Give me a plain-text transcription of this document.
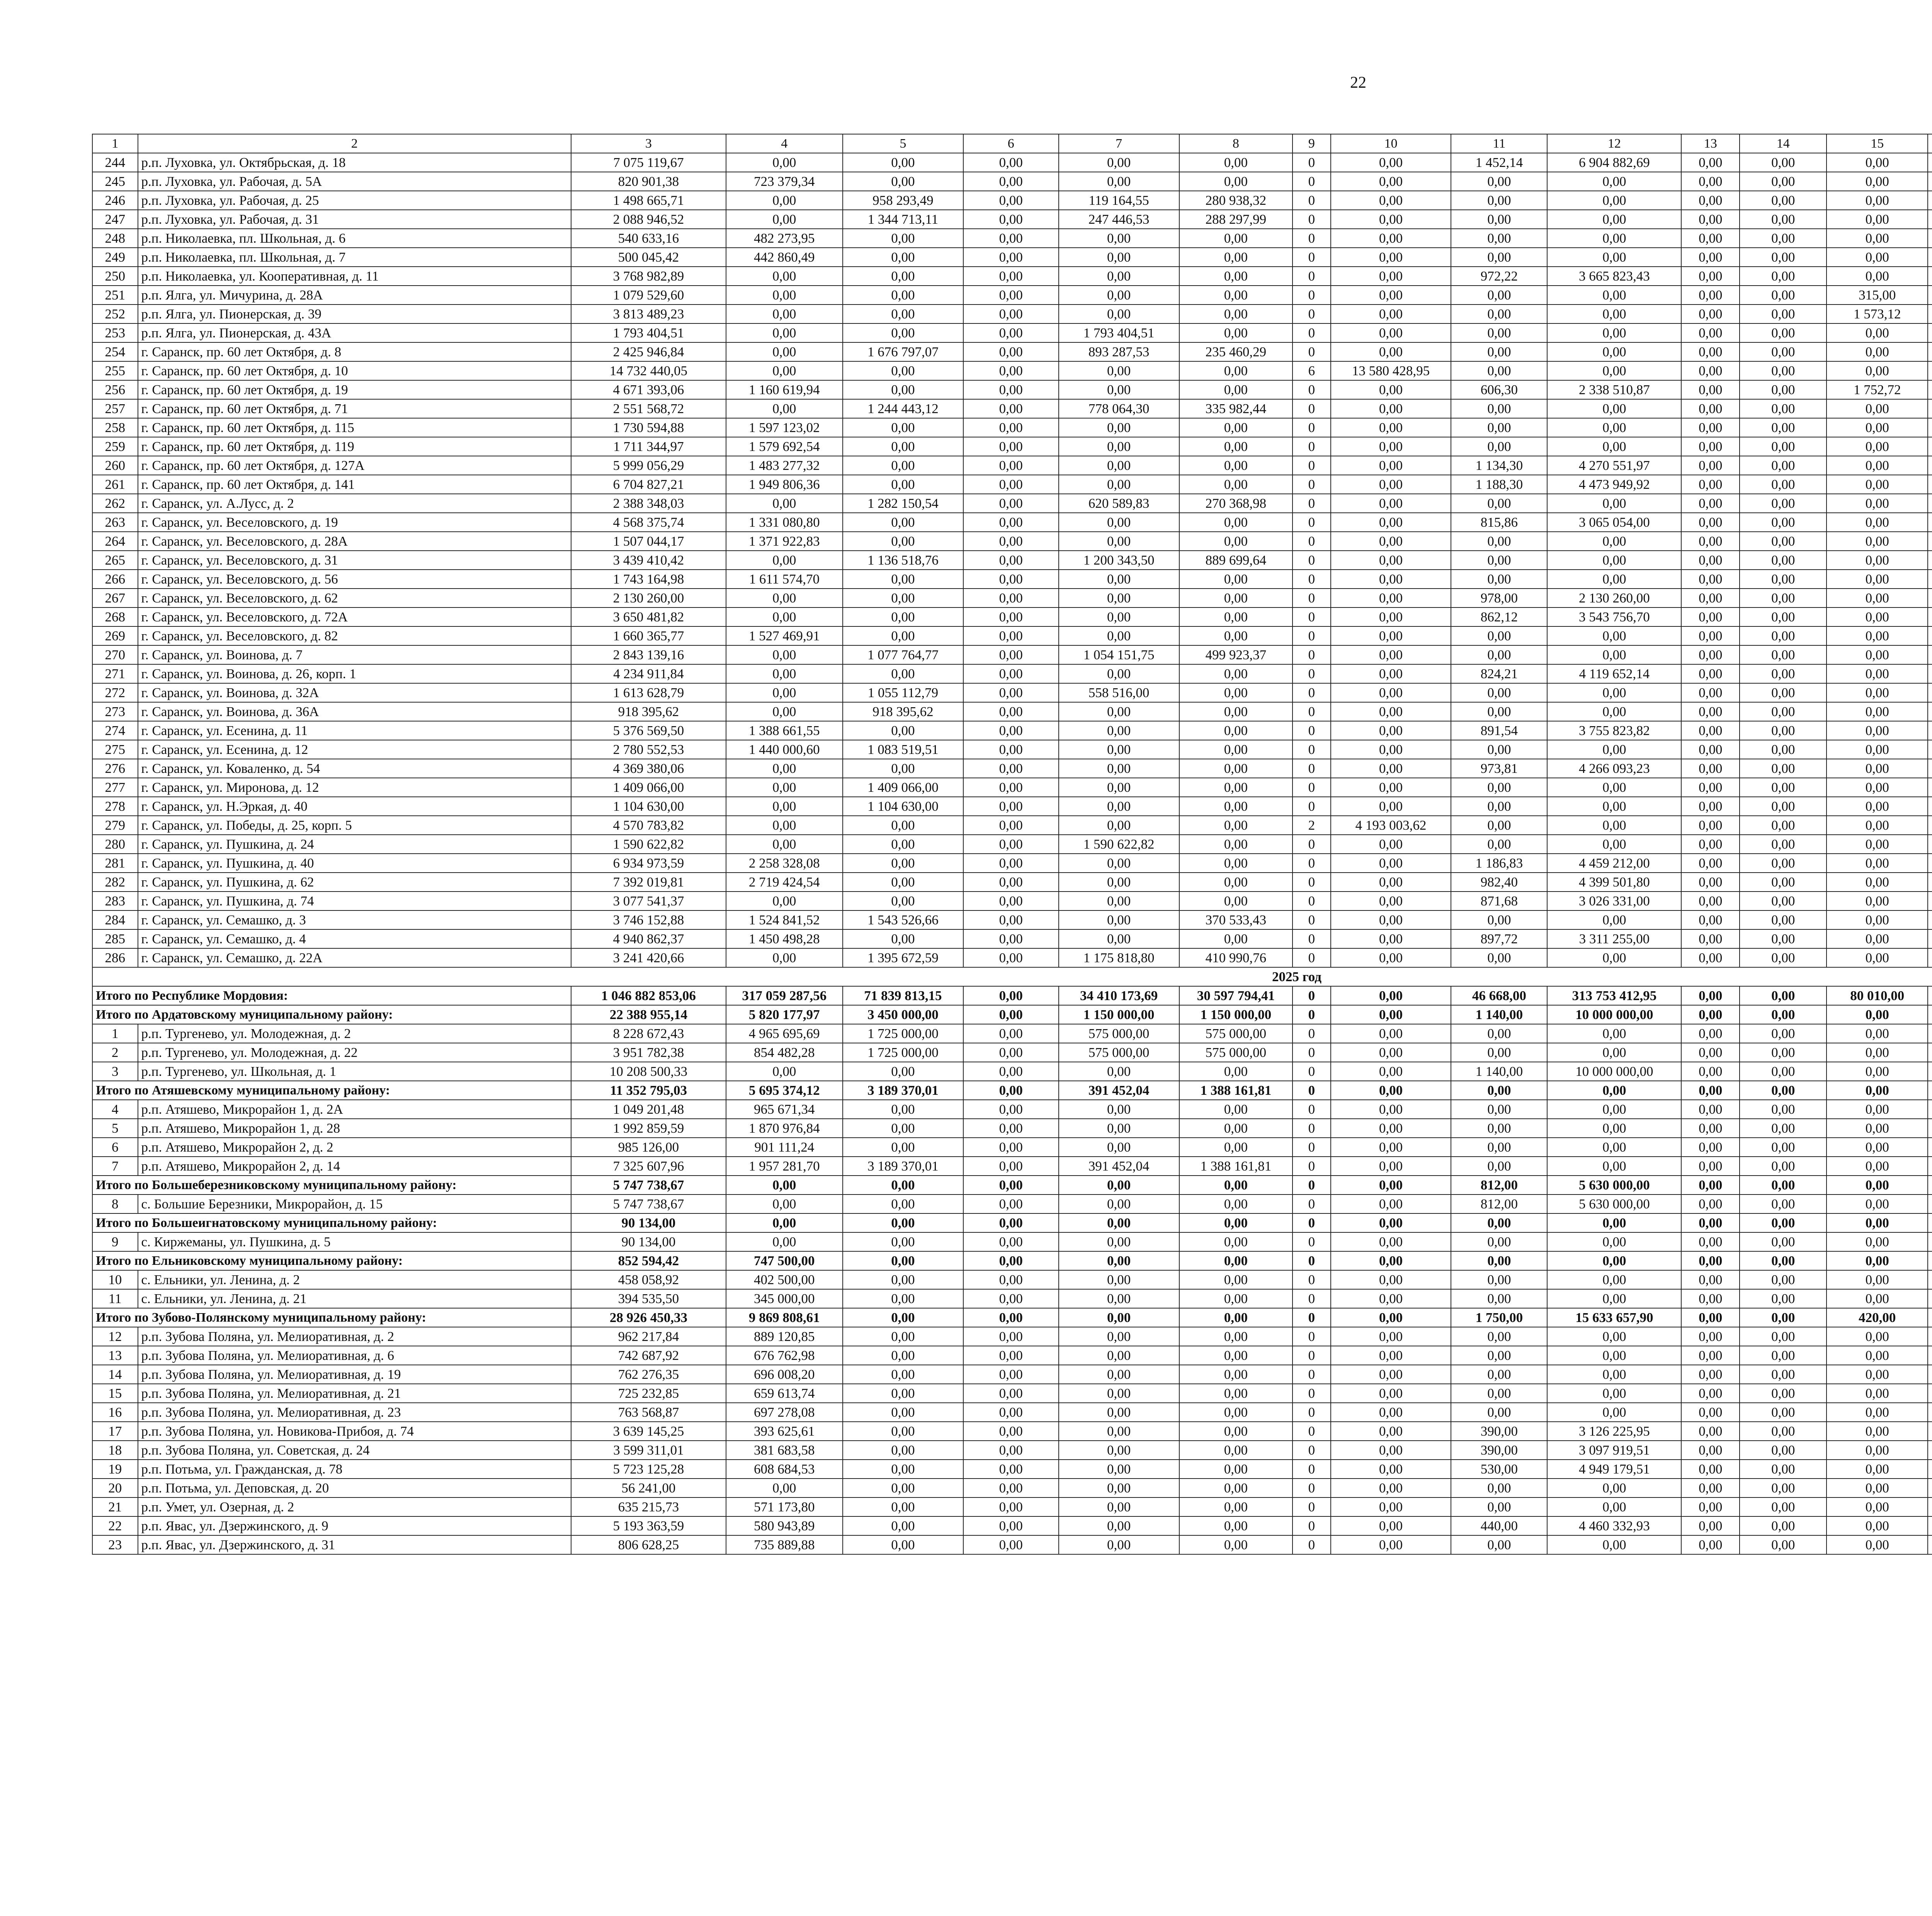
22
1	2	3	4	5	6	7	8	9	10	11	12	13	14	15						
244	р.п. Луховка, ул. Октябрьская, д. 18	7 075 119,67	0,00	0,00	0,00	0,00	0,00	0	0,00	1 452,14	6 904 882,69	0,00	0,00	0,00						
245	р.п. Луховка, ул. Рабочая, д. 5А	820 901,38	723 379,34	0,00	0,00	0,00	0,00	0	0,00	0,00	0,00	0,00	0,00	0,00						
246	р.п. Луховка, ул. Рабочая, д. 25	1 498 665,71	0,00	958 293,49	0,00	119 164,55	280 938,32	0	0,00	0,00	0,00	0,00	0,00	0,00						
247	р.п. Луховка, ул. Рабочая, д. 31	2 088 946,52	0,00	1 344 713,11	0,00	247 446,53	288 297,99	0	0,00	0,00	0,00	0,00	0,00	0,00						
248	р.п. Николаевка, пл. Школьная, д. 6	540 633,16	482 273,95	0,00	0,00	0,00	0,00	0	0,00	0,00	0,00	0,00	0,00	0,00						
249	р.п. Николаевка, пл. Школьная, д. 7	500 045,42	442 860,49	0,00	0,00	0,00	0,00	0	0,00	0,00	0,00	0,00	0,00	0,00						
250	р.п. Николаевка, ул. Кооперативная, д. 11	3 768 982,89	0,00	0,00	0,00	0,00	0,00	0	0,00	972,22	3 665 823,43	0,00	0,00	0,00						
251	р.п. Ялга, ул. Мичурина, д. 28А	1 079 529,60	0,00	0,00	0,00	0,00	0,00	0	0,00	0,00	0,00	0,00	0,00	315,00						
252	р.п. Ялга, ул. Пионерская, д. 39	3 813 489,23	0,00	0,00	0,00	0,00	0,00	0	0,00	0,00	0,00	0,00	0,00	1 573,12						
253	р.п. Ялга, ул. Пионерская, д. 43А	1 793 404,51	0,00	0,00	0,00	1 793 404,51	0,00	0	0,00	0,00	0,00	0,00	0,00	0,00						
254	г. Саранск, пр. 60 лет Октября, д. 8	2 425 946,84	0,00	1 676 797,07	0,00	893 287,53	235 460,29	0	0,00	0,00	0,00	0,00	0,00	0,00						
255	г. Саранск, пр. 60 лет Октября, д. 10	14 732 440,05	0,00	0,00	0,00	0,00	0,00	6	13 580 428,95	0,00	0,00	0,00	0,00	0,00						
256	г. Саранск, пр. 60 лет Октября, д. 19	4 671 393,06	1 160 619,94	0,00	0,00	0,00	0,00	0	0,00	606,30	2 338 510,87	0,00	0,00	1 752,72						
257	г. Саранск, пр. 60 лет Октября, д. 71	2 551 568,72	0,00	1 244 443,12	0,00	778 064,30	335 982,44	0	0,00	0,00	0,00	0,00	0,00	0,00						
258	г. Саранск, пр. 60 лет Октября, д. 115	1 730 594,88	1 597 123,02	0,00	0,00	0,00	0,00	0	0,00	0,00	0,00	0,00	0,00	0,00						
259	г. Саранск, пр. 60 лет Октября, д. 119	1 711 344,97	1 579 692,54	0,00	0,00	0,00	0,00	0	0,00	0,00	0,00	0,00	0,00	0,00						
260	г. Саранск, пр. 60 лет Октября, д. 127А	5 999 056,29	1 483 277,32	0,00	0,00	0,00	0,00	0	0,00	1 134,30	4 270 551,97	0,00	0,00	0,00						
261	г. Саранск, пр. 60 лет Октября, д. 141	6 704 827,21	1 949 806,36	0,00	0,00	0,00	0,00	0	0,00	1 188,30	4 473 949,92	0,00	0,00	0,00						
262	г. Саранск, ул. А.Лусс, д. 2	2 388 348,03	0,00	1 282 150,54	0,00	620 589,83	270 368,98	0	0,00	0,00	0,00	0,00	0,00	0,00						
263	г. Саранск, ул. Веселовского, д. 19	4 568 375,74	1 331 080,80	0,00	0,00	0,00	0,00	0	0,00	815,86	3 065 054,00	0,00	0,00	0,00						
264	г. Саранск, ул. Веселовского, д. 28А	1 507 044,17	1 371 922,83	0,00	0,00	0,00	0,00	0	0,00	0,00	0,00	0,00	0,00	0,00						
265	г. Саранск, ул. Веселовского, д. 31	3 439 410,42	0,00	1 136 518,76	0,00	1 200 343,50	889 699,64	0	0,00	0,00	0,00	0,00	0,00	0,00						
266	г. Саранск, ул. Веселовского, д. 56	1 743 164,98	1 611 574,70	0,00	0,00	0,00	0,00	0	0,00	0,00	0,00	0,00	0,00	0,00						
267	г. Саранск, ул. Веселовского, д. 62	2 130 260,00	0,00	0,00	0,00	0,00	0,00	0	0,00	978,00	2 130 260,00	0,00	0,00	0,00						
268	г. Саранск, ул. Веселовского, д. 72А	3 650 481,82	0,00	0,00	0,00	0,00	0,00	0	0,00	862,12	3 543 756,70	0,00	0,00	0,00						
269	г. Саранск, ул. Веселовского, д. 82	1 660 365,77	1 527 469,91	0,00	0,00	0,00	0,00	0	0,00	0,00	0,00	0,00	0,00	0,00						
270	г. Саранск, ул. Воинова, д. 7	2 843 139,16	0,00	1 077 764,77	0,00	1 054 151,75	499 923,37	0	0,00	0,00	0,00	0,00	0,00	0,00						
271	г. Саранск, ул. Воинова, д. 26, корп. 1	4 234 911,84	0,00	0,00	0,00	0,00	0,00	0	0,00	824,21	4 119 652,14	0,00	0,00	0,00						
272	г. Саранск, ул. Воинова, д. 32А	1 613 628,79	0,00	1 055 112,79	0,00	558 516,00	0,00	0	0,00	0,00	0,00	0,00	0,00	0,00						
273	г. Саранск, ул. Воинова, д. 36А	918 395,62	0,00	918 395,62	0,00	0,00	0,00	0	0,00	0,00	0,00	0,00	0,00	0,00						
274	г. Саранск, ул. Есенина, д. 11	5 376 569,50	1 388 661,55	0,00	0,00	0,00	0,00	0	0,00	891,54	3 755 823,82	0,00	0,00	0,00						
275	г. Саранск, ул. Есенина, д. 12	2 780 552,53	1 440 000,60	1 083 519,51	0,00	0,00	0,00	0	0,00	0,00	0,00	0,00	0,00	0,00						
276	г. Саранск, ул. Коваленко, д. 54	4 369 380,06	0,00	0,00	0,00	0,00	0,00	0	0,00	973,81	4 266 093,23	0,00	0,00	0,00						
277	г. Саранск, ул. Миронова, д. 12	1 409 066,00	0,00	1 409 066,00	0,00	0,00	0,00	0	0,00	0,00	0,00	0,00	0,00	0,00						
278	г. Саранск, ул. Н.Эркая, д. 40	1 104 630,00	0,00	1 104 630,00	0,00	0,00	0,00	0	0,00	0,00	0,00	0,00	0,00	0,00						
279	г. Саранск, ул. Победы, д. 25, корп. 5	4 570 783,82	0,00	0,00	0,00	0,00	0,00	2	4 193 003,62	0,00	0,00	0,00	0,00	0,00						
280	г. Саранск, ул. Пушкина, д. 24	1 590 622,82	0,00	0,00	0,00	1 590 622,82	0,00	0	0,00	0,00	0,00	0,00	0,00	0,00						
281	г. Саранск, ул. Пушкина, д. 40	6 934 973,59	2 258 328,08	0,00	0,00	0,00	0,00	0	0,00	1 186,83	4 459 212,00	0,00	0,00	0,00						
282	г. Саранск, ул. Пушкина, д. 62	7 392 019,81	2 719 424,54	0,00	0,00	0,00	0,00	0	0,00	982,40	4 399 501,80	0,00	0,00	0,00						
283	г. Саранск, ул. Пушкина, д. 74	3 077 541,37	0,00	0,00	0,00	0,00	0,00	0	0,00	871,68	3 026 331,00	0,00	0,00	0,00						
284	г. Саранск, ул. Семашко, д. 3	3 746 152,88	1 524 841,52	1 543 526,66	0,00	0,00	370 533,43	0	0,00	0,00	0,00	0,00	0,00	0,00						
285	г. Саранск, ул. Семашко, д. 4	4 940 862,37	1 450 498,28	0,00	0,00	0,00	0,00	0	0,00	897,72	3 311 255,00	0,00	0,00	0,00						
286	г. Саранск, ул. Семашко, д. 22А	3 241 420,66	0,00	1 395 672,59	0,00	1 175 818,80	410 990,76	0	0,00	0,00	0,00	0,00	0,00	0,00						
2025 год																				
Итого по Республике Мордовия:		1 046 882 853,06	317 059 287,56	71 839 813,15	0,00	34 410 173,69	30 597 794,41	0	0,00	46 668,00	313 753 412,95	0,00	0,00	80 010,00						
Итого по Ардатовскому муниципальному району:		22 388 955,14	5 820 177,97	3 450 000,00	0,00	1 150 000,00	1 150 000,00	0	0,00	1 140,00	10 000 000,00	0,00	0,00	0,00						
1	р.п. Тургенево, ул. Молодежная, д. 2	8 228 672,43	4 965 695,69	1 725 000,00	0,00	575 000,00	575 000,00	0	0,00	0,00	0,00	0,00	0,00	0,00						
2	р.п. Тургенево, ул. Молодежная, д. 22	3 951 782,38	854 482,28	1 725 000,00	0,00	575 000,00	575 000,00	0	0,00	0,00	0,00	0,00	0,00	0,00						
3	р.п. Тургенево, ул. Школьная, д. 1	10 208 500,33	0,00	0,00	0,00	0,00	0,00	0	0,00	1 140,00	10 000 000,00	0,00	0,00	0,00						
Итого по Атяшевскому муниципальному району:		11 352 795,03	5 695 374,12	3 189 370,01	0,00	391 452,04	1 388 161,81	0	0,00	0,00	0,00	0,00	0,00	0,00						
4	р.п. Атяшево, Микрорайон 1, д. 2А	1 049 201,48	965 671,34	0,00	0,00	0,00	0,00	0	0,00	0,00	0,00	0,00	0,00	0,00						
5	р.п. Атяшево, Микрорайон 1, д. 28	1 992 859,59	1 870 976,84	0,00	0,00	0,00	0,00	0	0,00	0,00	0,00	0,00	0,00	0,00						
6	р.п. Атяшево, Микрорайон 2, д. 2	985 126,00	901 111,24	0,00	0,00	0,00	0,00	0	0,00	0,00	0,00	0,00	0,00	0,00						
7	р.п. Атяшево, Микрорайон 2, д. 14	7 325 607,96	1 957 281,70	3 189 370,01	0,00	391 452,04	1 388 161,81	0	0,00	0,00	0,00	0,00	0,00	0,00						
Итого по Большеберезниковскому муниципальному району:		5 747 738,67	0,00	0,00	0,00	0,00	0,00	0	0,00	812,00	5 630 000,00	0,00	0,00	0,00						
8	с. Большие Березники, Микрорайон, д. 15	5 747 738,67	0,00	0,00	0,00	0,00	0,00	0	0,00	812,00	5 630 000,00	0,00	0,00	0,00						
Итого по Большеигнатовскому муниципальному району:		90 134,00	0,00	0,00	0,00	0,00	0,00	0	0,00	0,00	0,00	0,00	0,00	0,00						
9	с. Киржеманы, ул. Пушкина, д. 5	90 134,00	0,00	0,00	0,00	0,00	0,00	0	0,00	0,00	0,00	0,00	0,00	0,00						
Итого по Ельниковскому муниципальному району:		852 594,42	747 500,00	0,00	0,00	0,00	0,00	0	0,00	0,00	0,00	0,00	0,00	0,00						
10	с. Ельники, ул. Ленина, д. 2	458 058,92	402 500,00	0,00	0,00	0,00	0,00	0	0,00	0,00	0,00	0,00	0,00	0,00						
11	с. Ельники, ул. Ленина, д. 21	394 535,50	345 000,00	0,00	0,00	0,00	0,00	0	0,00	0,00	0,00	0,00	0,00	0,00						
Итого по Зубово-Полянскому муниципальному району:		28 926 450,33	9 869 808,61	0,00	0,00	0,00	0,00	0	0,00	1 750,00	15 633 657,90	0,00	0,00	420,00						
12	р.п. Зубова Поляна, ул. Мелиоративная, д. 2	962 217,84	889 120,85	0,00	0,00	0,00	0,00	0	0,00	0,00	0,00	0,00	0,00	0,00						
13	р.п. Зубова Поляна, ул. Мелиоративная, д. 6	742 687,92	676 762,98	0,00	0,00	0,00	0,00	0	0,00	0,00	0,00	0,00	0,00	0,00						
14	р.п. Зубова Поляна, ул. Мелиоративная, д. 19	762 276,35	696 008,20	0,00	0,00	0,00	0,00	0	0,00	0,00	0,00	0,00	0,00	0,00						
15	р.п. Зубова Поляна, ул. Мелиоративная, д. 21	725 232,85	659 613,74	0,00	0,00	0,00	0,00	0	0,00	0,00	0,00	0,00	0,00	0,00						
16	р.п. Зубова Поляна, ул. Мелиоративная, д. 23	763 568,87	697 278,08	0,00	0,00	0,00	0,00	0	0,00	0,00	0,00	0,00	0,00	0,00						
17	р.п. Зубова Поляна, ул. Новикова-Прибоя, д. 74	3 639 145,25	393 625,61	0,00	0,00	0,00	0,00	0	0,00	390,00	3 126 225,95	0,00	0,00	0,00						
18	р.п. Зубова Поляна, ул. Советская, д. 24	3 599 311,01	381 683,58	0,00	0,00	0,00	0,00	0	0,00	390,00	3 097 919,51	0,00	0,00	0,00						
19	р.п. Потьма, ул. Гражданская, д. 78	5 723 125,28	608 684,53	0,00	0,00	0,00	0,00	0	0,00	530,00	4 949 179,51	0,00	0,00	0,00						
20	р.п. Потьма, ул. Деповская, д. 20	56 241,00	0,00	0,00	0,00	0,00	0,00	0	0,00	0,00	0,00	0,00	0,00	0,00						
21	р.п. Умет, ул. Озерная, д. 2	635 215,73	571 173,80	0,00	0,00	0,00	0,00	0	0,00	0,00	0,00	0,00	0,00	0,00						
22	р.п. Явас, ул. Дзержинского, д. 9	5 193 363,59	580 943,89	0,00	0,00	0,00	0,00	0	0,00	440,00	4 460 332,93	0,00	0,00	0,00						
23	р.п. Явас, ул. Дзержинского, д. 31	806 628,25	735 889,88	0,00	0,00	0,00	0,00	0	0,00	0,00	0,00	0,00	0,00	0,00						
